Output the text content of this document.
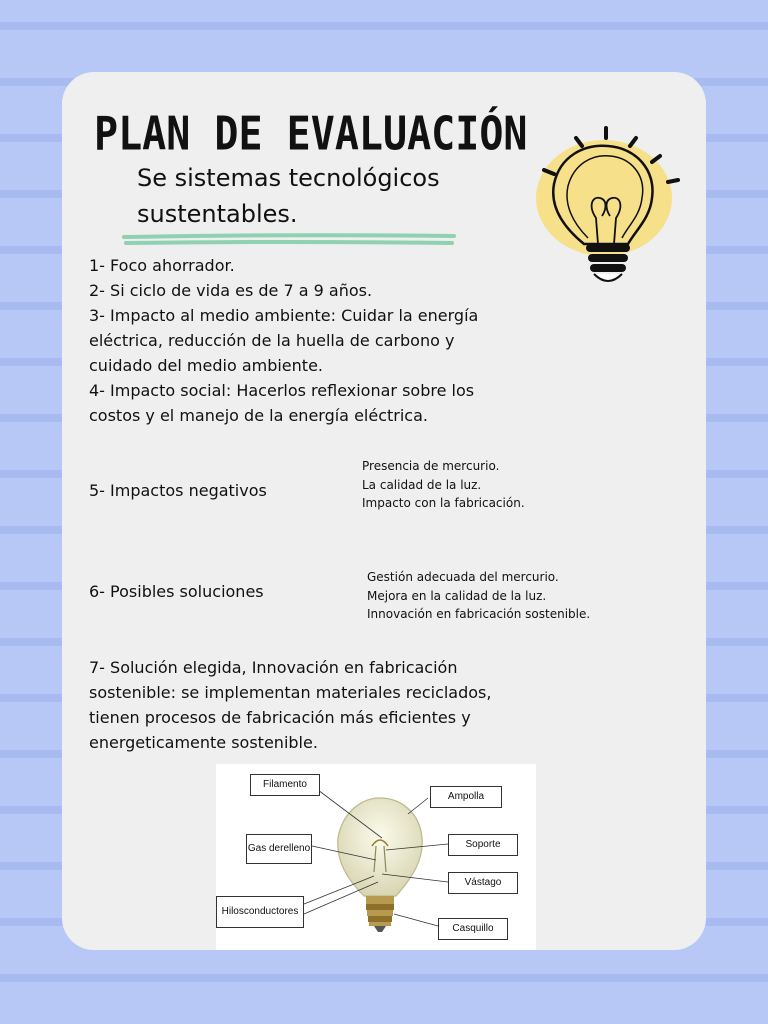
PLAN DE EVALUACIÓN
Se sistemas tecnológicos sustentables.
1- Foco ahorrador.
2- Si ciclo de vida es de 7 a 9 años.
3- Impacto al medio ambiente: Cuidar la energía
eléctrica, reducción de la huella de carbono y
cuidado del medio ambiente.
4- Impacto social: Hacerlos reflexionar sobre los
costos y el manejo de la energía eléctrica.
5- Impactos negativos
Presencia de mercurio.
La calidad de la luz.
Impacto con la fabricación.
6- Posibles soluciones
Gestión adecuada del mercurio.
Mejora en la calidad de la luz.
Innovación en fabricación sostenible.
7- Solución elegida, Innovación en fabricación
sostenible: se implementan materiales reciclados,
tienen procesos de fabricación más eficientes y
energeticamente sostenible.
Filamento
Ampolla
Gas de relleno	Soporte
Vástago
Hilos conductores
Casquillo
